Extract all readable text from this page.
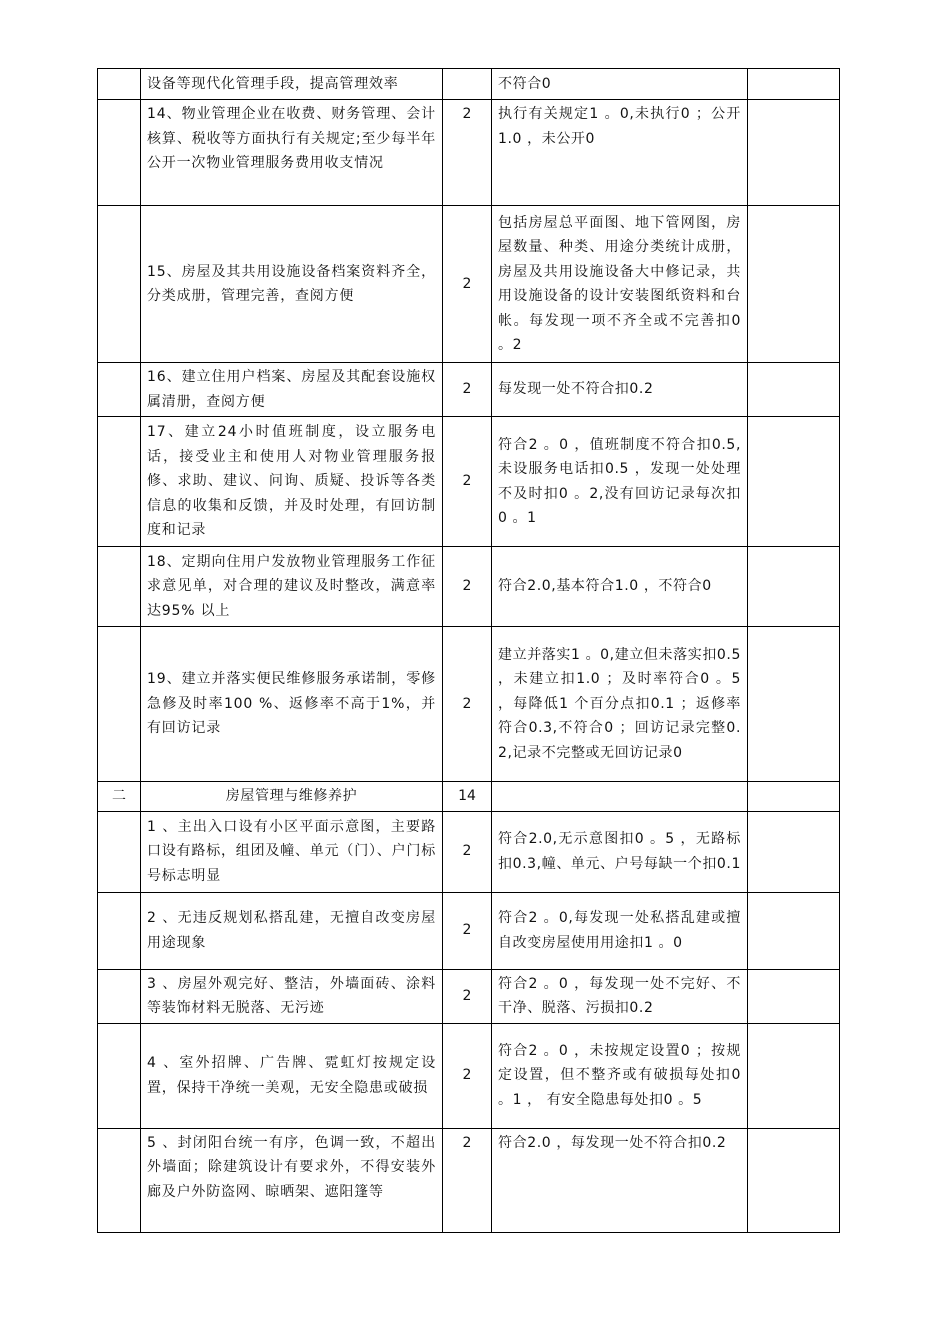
	设备等现代化管理手段，提高管理效率		不符合0	
	14、物业管理企业在收费、财务管理、会计核算、税收等方面执行有关规定;至少每半年公开一次物业管理服务费用收支情况	2	执行有关规定1 。0,未执行0 ；公开1.0 ，未公开0	
	15、房屋及其共用设施设备档案资料齐全，分类成册，管理完善，查阅方便	2	包括房屋总平面图、地下管网图，房屋数量、种类、用途分类统计成册，房屋及共用设施设备大中修记录，共用设施设备的设计安装图纸资料和台帐。每发现一项不齐全或不完善扣0 。2	
	16、建立住用户档案、房屋及其配套设施权属清册，查阅方便	2	每发现一处不符合扣0.2	
	17、建立24小时值班制度，设立服务电话，接受业主和使用人对物业管理服务报修、求助、建议、问询、质疑、投诉等各类信息的收集和反馈，并及时处理，有回访制度和记录	2	符合2 。0 ，值班制度不符合扣0.5,未设服务电话扣0.5 ，发现一处处理不及时扣0 。2,没有回访记录每次扣0 。1	
	18、定期向住用户发放物业管理服务工作征求意见单，对合理的建议及时整改，满意率达95% 以上	2	符合2.0,基本符合1.0 ，不符合0	
	19、建立并落实便民维修服务承诺制，零修急修及时率100 %、返修率不高于1%，并有回访记录	2	建立并落实1 。0,建立但未落实扣0.5 ，未建立扣1.0 ；及时率符合0 。5 ，每降低1 个百分点扣0.1 ；返修率符合0.3,不符合0 ；回访记录完整0.2,记录不完整或无回访记录0	
二	房屋管理与维修养护	14		
	1 、主出入口设有小区平面示意图，主要路口设有路标，组团及幢、单元（门）、户门标号标志明显	2	符合2.0,无示意图扣0 。5 ，无路标扣0.3,幢、单元、户号每缺一个扣0.1	
	2 、无违反规划私搭乱建，无擅自改变房屋用途现象	2	符合2 。0,每发现一处私搭乱建或擅自改变房屋使用用途扣1 。0	
	3 、房屋外观完好、整洁，外墙面砖、涂料等装饰材料无脱落、无污迹	2	符合2 。0 ，每发现一处不完好、不干净、脱落、污损扣0.2	
	4 、室外招牌、广告牌、霓虹灯按规定设置，保持干净统一美观，无安全隐患或破损	2	符合2 。0 ，未按规定设置0 ；按规定设置，但不整齐或有破损每处扣0 。1 ， 有安全隐患每处扣0 。5	
	5 、封闭阳台统一有序，色调一致，不超出外墙面；除建筑设计有要求外，不得安装外廊及户外防盗网、晾晒架、遮阳篷等	2	符合2.0 ，每发现一处不符合扣0.2	
